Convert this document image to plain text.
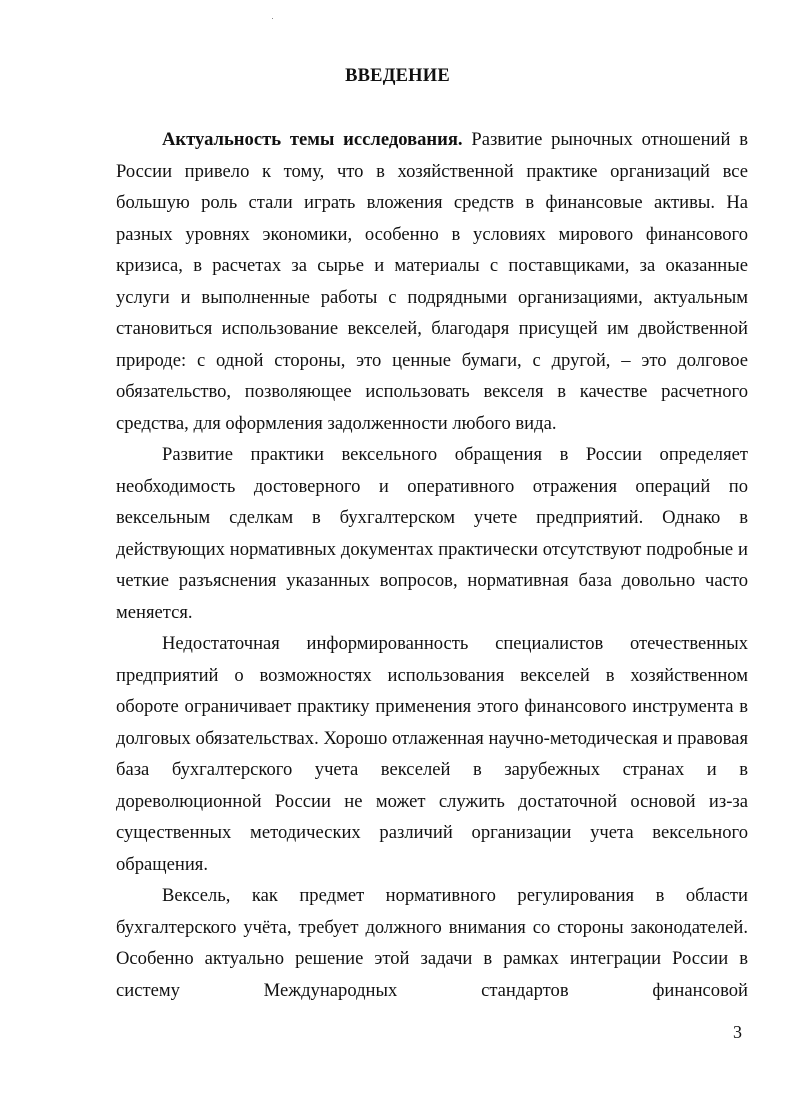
ВВЕДЕНИЕ

Актуальность темы исследования. Развитие рыночных отношений в России привело к тому, что в хозяйственной практике организаций все большую роль стали играть вложения средств в финансовые активы. На разных уровнях экономики, особенно в условиях мирового финансового кризиса, в расчетах за сырье и материалы с поставщиками, за оказанные услуги и выполненные работы с подрядными организациями, актуальным становиться использование векселей, благодаря присущей им двойственной природе: с одной стороны, это ценные бумаги, с другой, – это долговое обязательство, позволяющее использовать векселя в качестве расчетного средства, для оформления задолженности любого вида.

Развитие практики вексельного обращения в России определяет необходимость достоверного и оперативного отражения операций по вексельным сделкам в бухгалтерском учете предприятий. Однако в действующих нормативных документах практически отсутствуют подробные и четкие разъяснения указанных вопросов, нормативная база довольно часто меняется.

Недостаточная информированность специалистов отечественных предприятий о возможностях использования векселей в хозяйственном обороте ограничивает практику применения этого финансового инструмента в долговых обязательствах. Хорошо отлаженная научно-методическая и правовая база бухгалтерского учета векселей в зарубежных странах и в дореволюционной России не может служить достаточной основой из-за существенных методических различий организации учета вексельного обращения.

Вексель, как предмет нормативного регулирования в области бухгалтерского учёта, требует должного внимания со стороны законодателей. Особенно актуально решение этой задачи в рамках интеграции России в систему Международных стандартов финансовой

3
